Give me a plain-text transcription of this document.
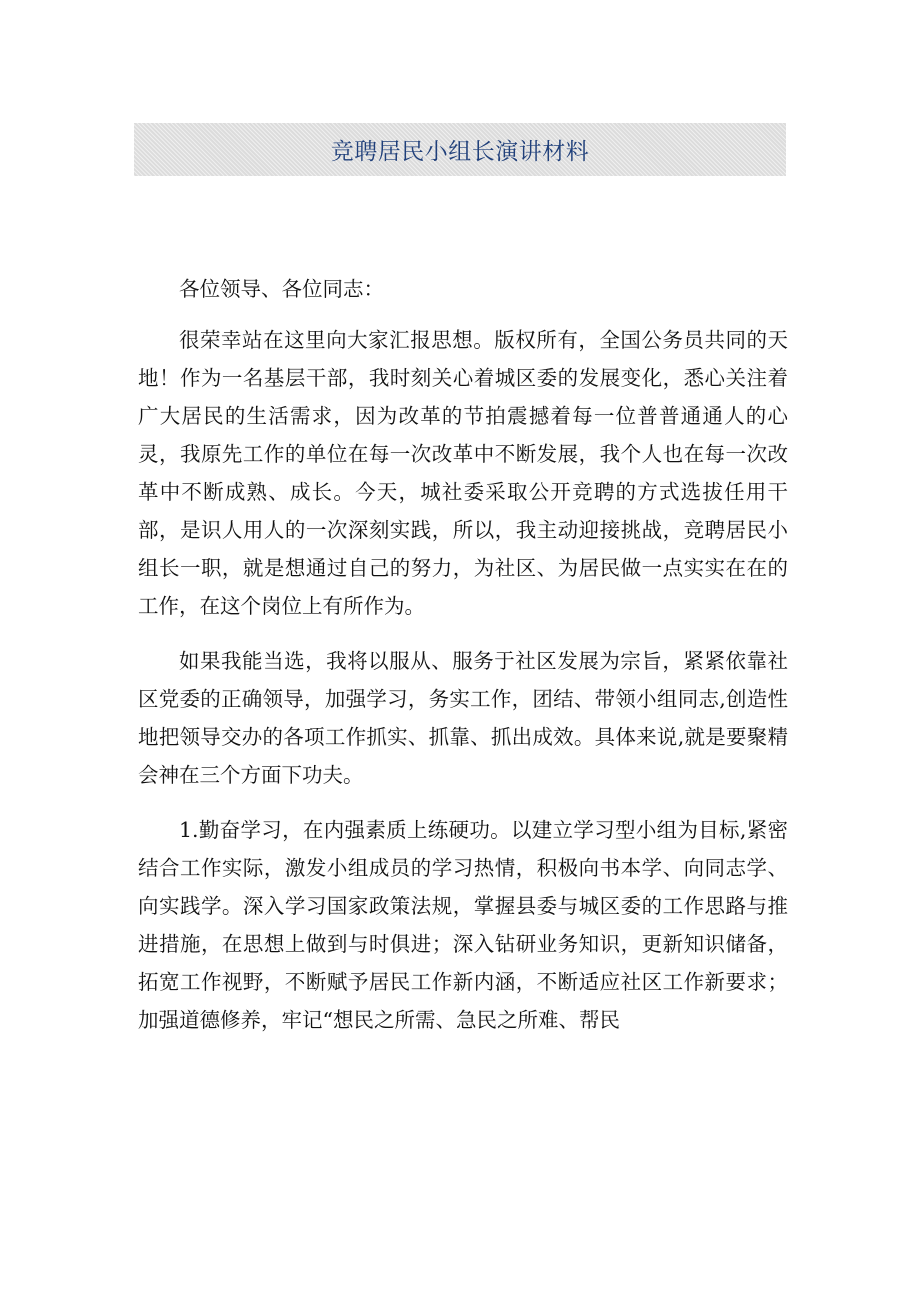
竞聘居民小组长演讲材料

各位领导、各位同志：

很荣幸站在这里向大家汇报思想。版权所有，全国公务员共同的天地！作为一名基层干部，我时刻关心着城区委的发展变化，悉心关注着广大居民的生活需求，因为改革的节拍震撼着每一位普普通通人的心灵，我原先工作的单位在每一次改革中不断发展，我个人也在每一次改革中不断成熟、成长。今天，城社委采取公开竞聘的方式选拔任用干部，是识人用人的一次深刻实践，所以，我主动迎接挑战，竞聘居民小组长一职，就是想通过自己的努力，为社区、为居民做一点实实在在的工作，在这个岗位上有所作为。

如果我能当选，我将以服从、服务于社区发展为宗旨，紧紧依靠社区党委的正确领导，加强学习，务实工作，团结、带领小组同志,创造性地把领导交办的各项工作抓实、抓靠、抓出成效。具体来说,就是要聚精会神在三个方面下功夫。

1.勤奋学习，在内强素质上练硬功。以建立学习型小组为目标,紧密结合工作实际，激发小组成员的学习热情，积极向书本学、向同志学、向实践学。深入学习国家政策法规，掌握县委与城区委的工作思路与推进措施，在思想上做到与时俱进；深入钻研业务知识，更新知识储备，拓宽工作视野，不断赋予居民工作新内涵，不断适应社区工作新要求；加强道德修养，牢记“想民之所需、急民之所难、帮民
